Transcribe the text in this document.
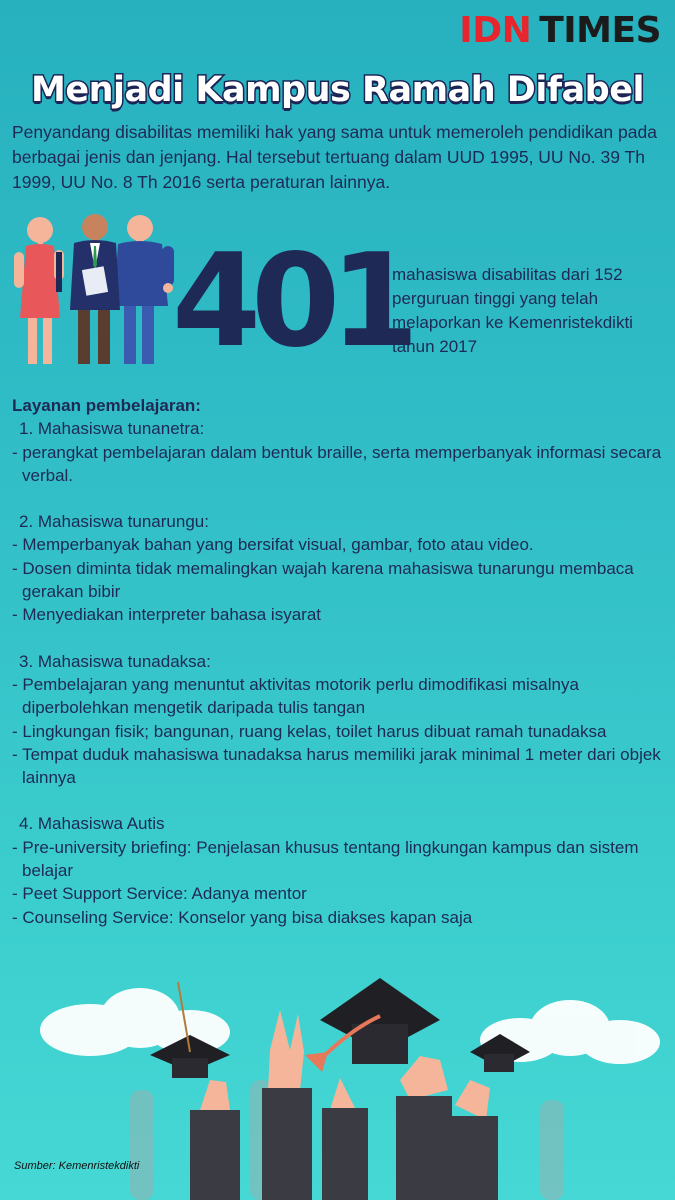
IDN TIMES
Menjadi Kampus Ramah Difabel
Penyandang disabilitas memiliki hak yang sama untuk memeroleh pendidikan pada berbagai jenis dan jenjang. Hal tersebut tertuang dalam UUD 1995, UU No. 39 Th 1999, UU No. 8 Th 2016 serta peraturan lainnya.
401
mahasiswa disabilitas dari 152 perguruan tinggi yang telah melaporkan ke Kemenristekdikti tahun 2017
Layanan pembelajaran:
1. Mahasiswa tunanetra:
- perangkat pembelajaran dalam bentuk braille, serta memperbanyak informasi secara verbal.
2. Mahasiswa tunarungu:
- Memperbanyak bahan yang bersifat visual, gambar, foto atau video.
- Dosen diminta tidak memalingkan wajah karena mahasiswa tunarungu membaca gerakan bibir
- Menyediakan interpreter bahasa isyarat
3. Mahasiswa tunadaksa:
- Pembelajaran yang menuntut aktivitas motorik perlu dimodifikasi misalnya diperbolehkan mengetik daripada tulis tangan
- Lingkungan fisik; bangunan, ruang kelas, toilet harus dibuat ramah tunadaksa
- Tempat duduk mahasiswa tunadaksa harus memiliki jarak minimal 1 meter dari objek lainnya
4. Mahasiswa Autis
- Pre-university briefing: Penjelasan khusus tentang lingkungan kampus dan sistem belajar
- Peet Support Service: Adanya mentor
- Counseling Service: Konselor yang bisa diakses kapan saja
Sumber: Kemenristekdikti
